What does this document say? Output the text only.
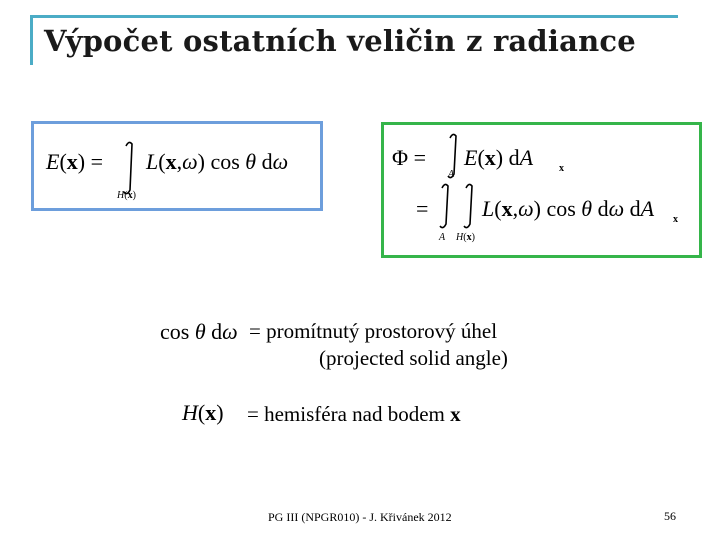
Výpočet ostatních veličin z radiance
E(x) =
H(x)
L(x,ω) cos θ dω	Φ =
A
E(x) dA	x
=
A H(x)
L(x,ω) cos θ dω dA x
cos θ dω = promítnutý prostorový úhel
(projected solid angle)
H(x) = hemisféra nad bodem x
PG III (NPGR010) - J. Křivánek 2012	56
